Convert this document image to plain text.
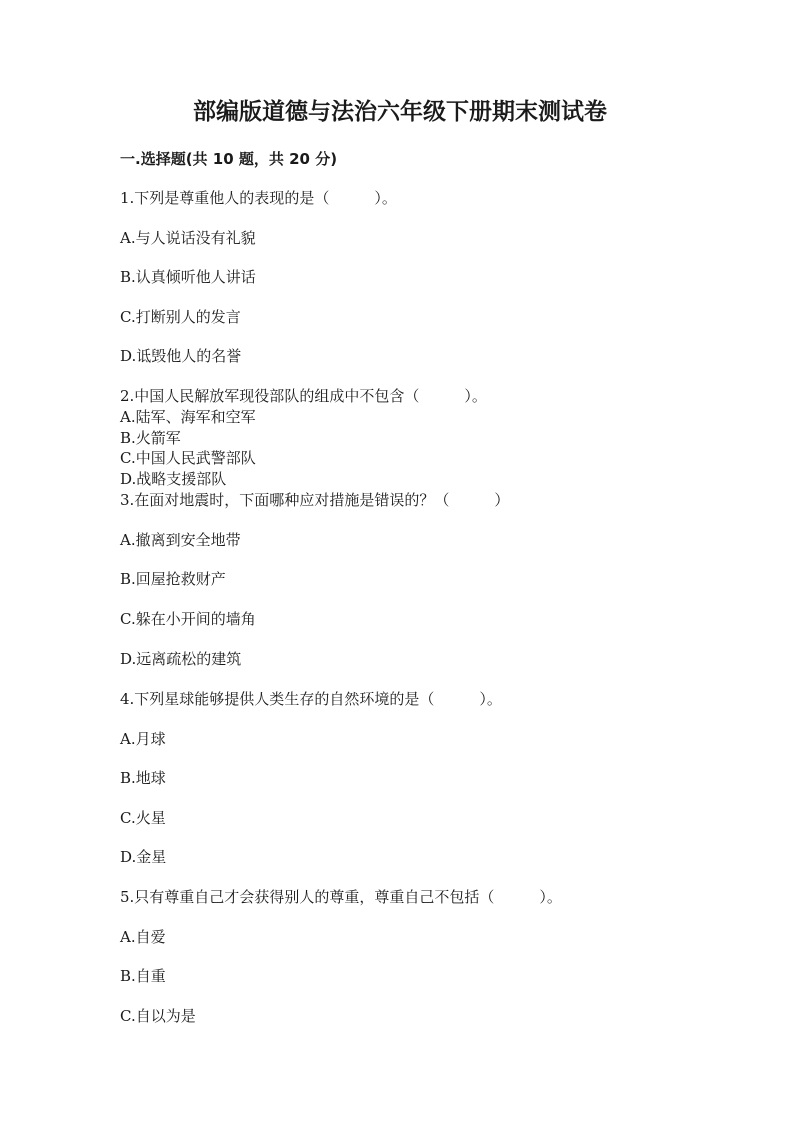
部编版道德与法治六年级下册期末测试卷
一.选择题(共 10 题，共 20 分)
1.下列是尊重他人的表现的是（　　　）。
A.与人说话没有礼貌
B.认真倾听他人讲话
C.打断别人的发言
D.诋毁他人的名誉
2.中国人民解放军现役部队的组成中不包含（　　　）。
A.陆军、海军和空军
B.火箭军
C.中国人民武警部队
D.战略支援部队
3.在面对地震时，下面哪种应对措施是错误的？（　　　）
A.撤离到安全地带
B.回屋抢救财产
C.躲在小开间的墙角
D.远离疏松的建筑
4.下列星球能够提供人类生存的自然环境的是（　　　）。
A.月球
B.地球
C.火星
D.金星
5.只有尊重自己才会获得别人的尊重，尊重自己不包括（　　　）。
A.自爱
B.自重
C.自以为是
